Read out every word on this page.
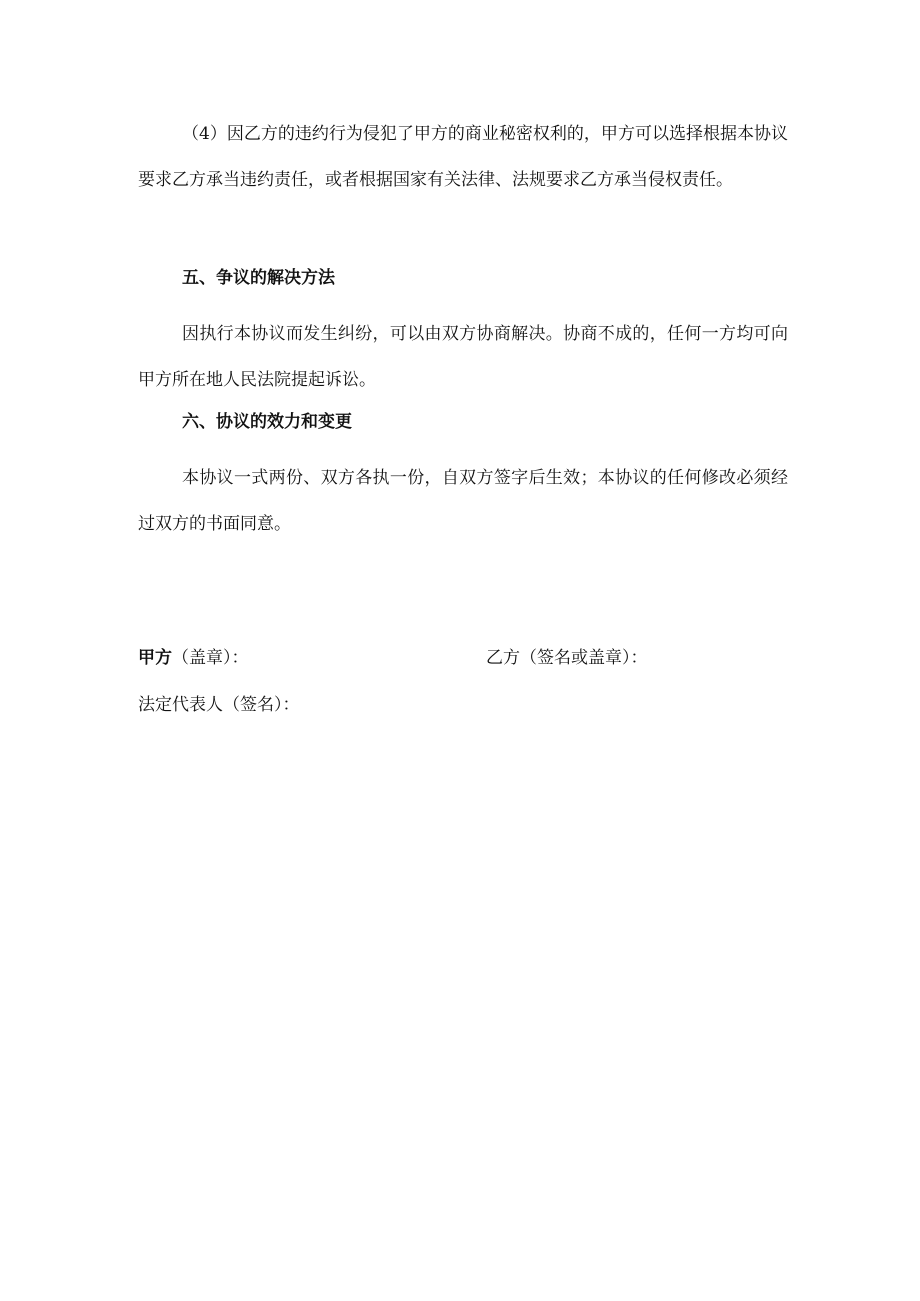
（4）因乙方的违约行为侵犯了甲方的商业秘密权利的，甲方可以选择根据本协议要求乙方承当违约责任，或者根据国家有关法律、法规要求乙方承当侵权责任。

五、争议的解决方法

因执行本协议而发生纠纷，可以由双方协商解决。协商不成的，任何一方均可向甲方所在地人民法院提起诉讼。

六、协议的效力和变更

本协议一式两份、双方各执一份，自双方签字后生效；本协议的任何修改必须经过双方的书面同意。

甲方（盖章）：	乙方（签名或盖章）：

法定代表人（签名）：
